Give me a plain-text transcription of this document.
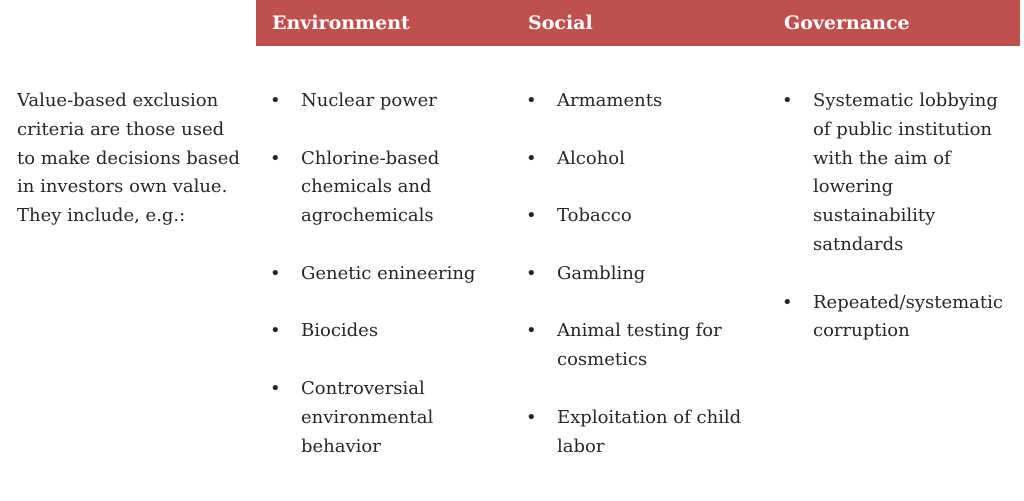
Environment	Social	Governance
Value-based exclusion criteria are those used to make decisions based in investors own value. They include, e.g.:
• Nuclear power
• Chlorine-based chemicals and agrochemicals
• Genetic enineering
• Biocides
• Controversial environmental behavior
• Armaments
• Alcohol
• Tobacco
• Gambling
• Animal testing for cosmetics
• Exploitation of child labor
• Systematic lobbying of public institution with the aim of lowering sustainability satndards
• Repeated/systematic corruption
